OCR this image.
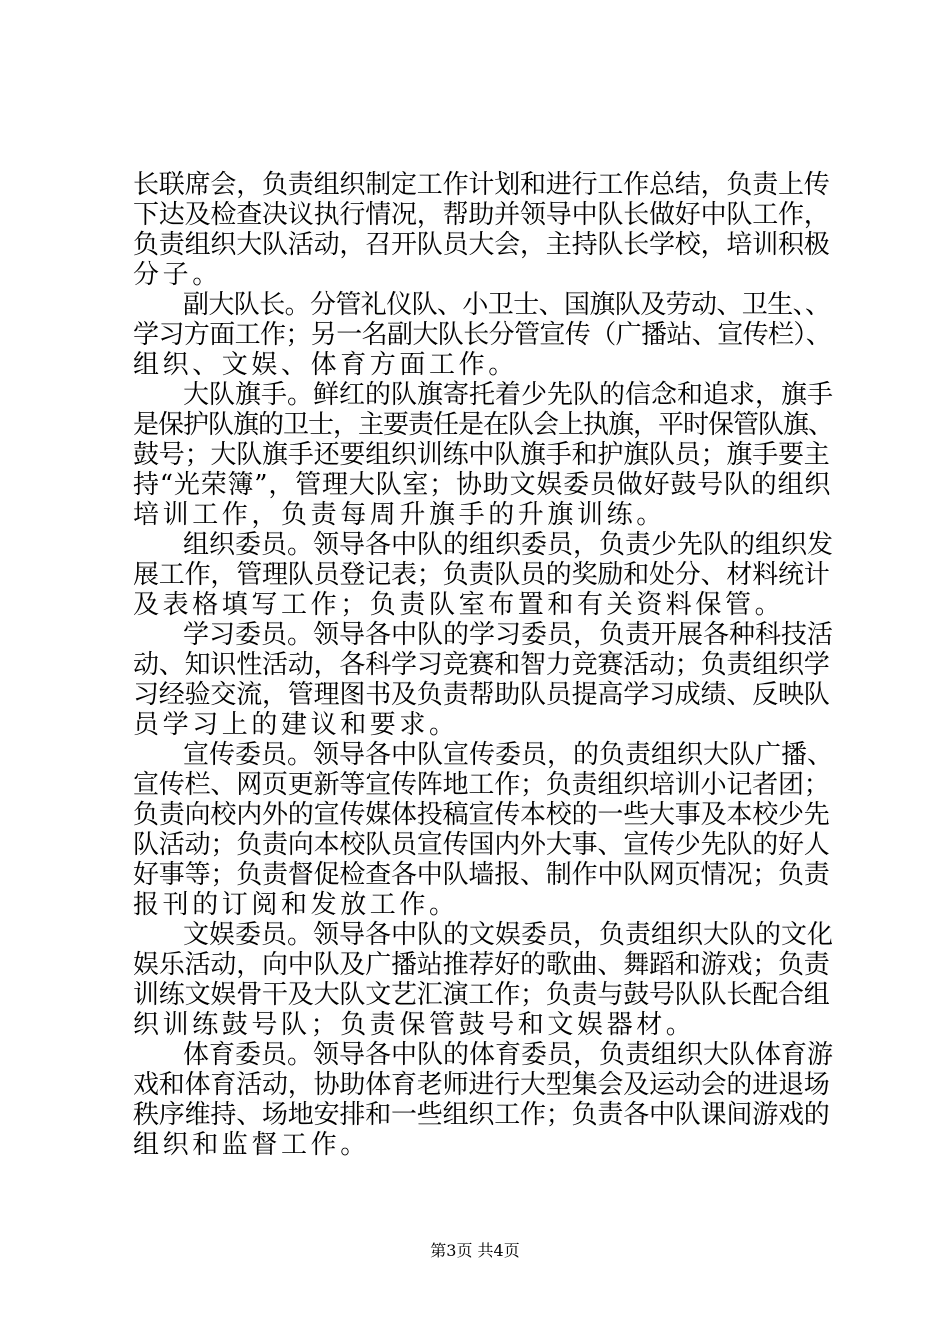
长联席会，负责组织制定工作计划和进行工作总结，负责上传
下达及检查决议执行情况，帮助并领导中队长做好中队工作，
负责组织大队活动，召开队员大会，主持队长学校，培训积极
分子。
副大队长。分管礼仪队、小卫士、国旗队及劳动、卫生、、
学习方面工作；另一名副大队长分管宣传（广播站、宣传栏）、
组织、文娱、体育方面工作。
大队旗手。鲜红的队旗寄托着少先队的信念和追求，旗手
是保护队旗的卫士，主要责任是在队会上执旗，平时保管队旗、
鼓号；大队旗手还要组织训练中队旗手和护旗队员；旗手要主
持“光荣簿”，管理大队室；协助文娱委员做好鼓号队的组织
培训工作，负责每周升旗手的升旗训练。
组织委员。领导各中队的组织委员，负责少先队的组织发
展工作，管理队员登记表；负责队员的奖励和处分、材料统计
及表格填写工作；负责队室布置和有关资料保管。
学习委员。领导各中队的学习委员，负责开展各种科技活
动、知识性活动，各科学习竞赛和智力竞赛活动；负责组织学
习经验交流，管理图书及负责帮助队员提高学习成绩、反映队
员学习上的建议和要求。
宣传委员。领导各中队宣传委员，的负责组织大队广播、
宣传栏、网页更新等宣传阵地工作；负责组织培训小记者团；
负责向校内外的宣传媒体投稿宣传本校的一些大事及本校少先
队活动；负责向本校队员宣传国内外大事、宣传少先队的好人
好事等；负责督促检查各中队墙报、制作中队网页情况；负责
报刊的订阅和发放工作。
文娱委员。领导各中队的文娱委员，负责组织大队的文化
娱乐活动，向中队及广播站推荐好的歌曲、舞蹈和游戏；负责
训练文娱骨干及大队文艺汇演工作；负责与鼓号队队长配合组
织训练鼓号队；负责保管鼓号和文娱器材。
体育委员。领导各中队的体育委员，负责组织大队体育游
戏和体育活动，协助体育老师进行大型集会及运动会的进退场
秩序维持、场地安排和一些组织工作；负责各中队课间游戏的
组织和监督工作。
第3页 共4页
